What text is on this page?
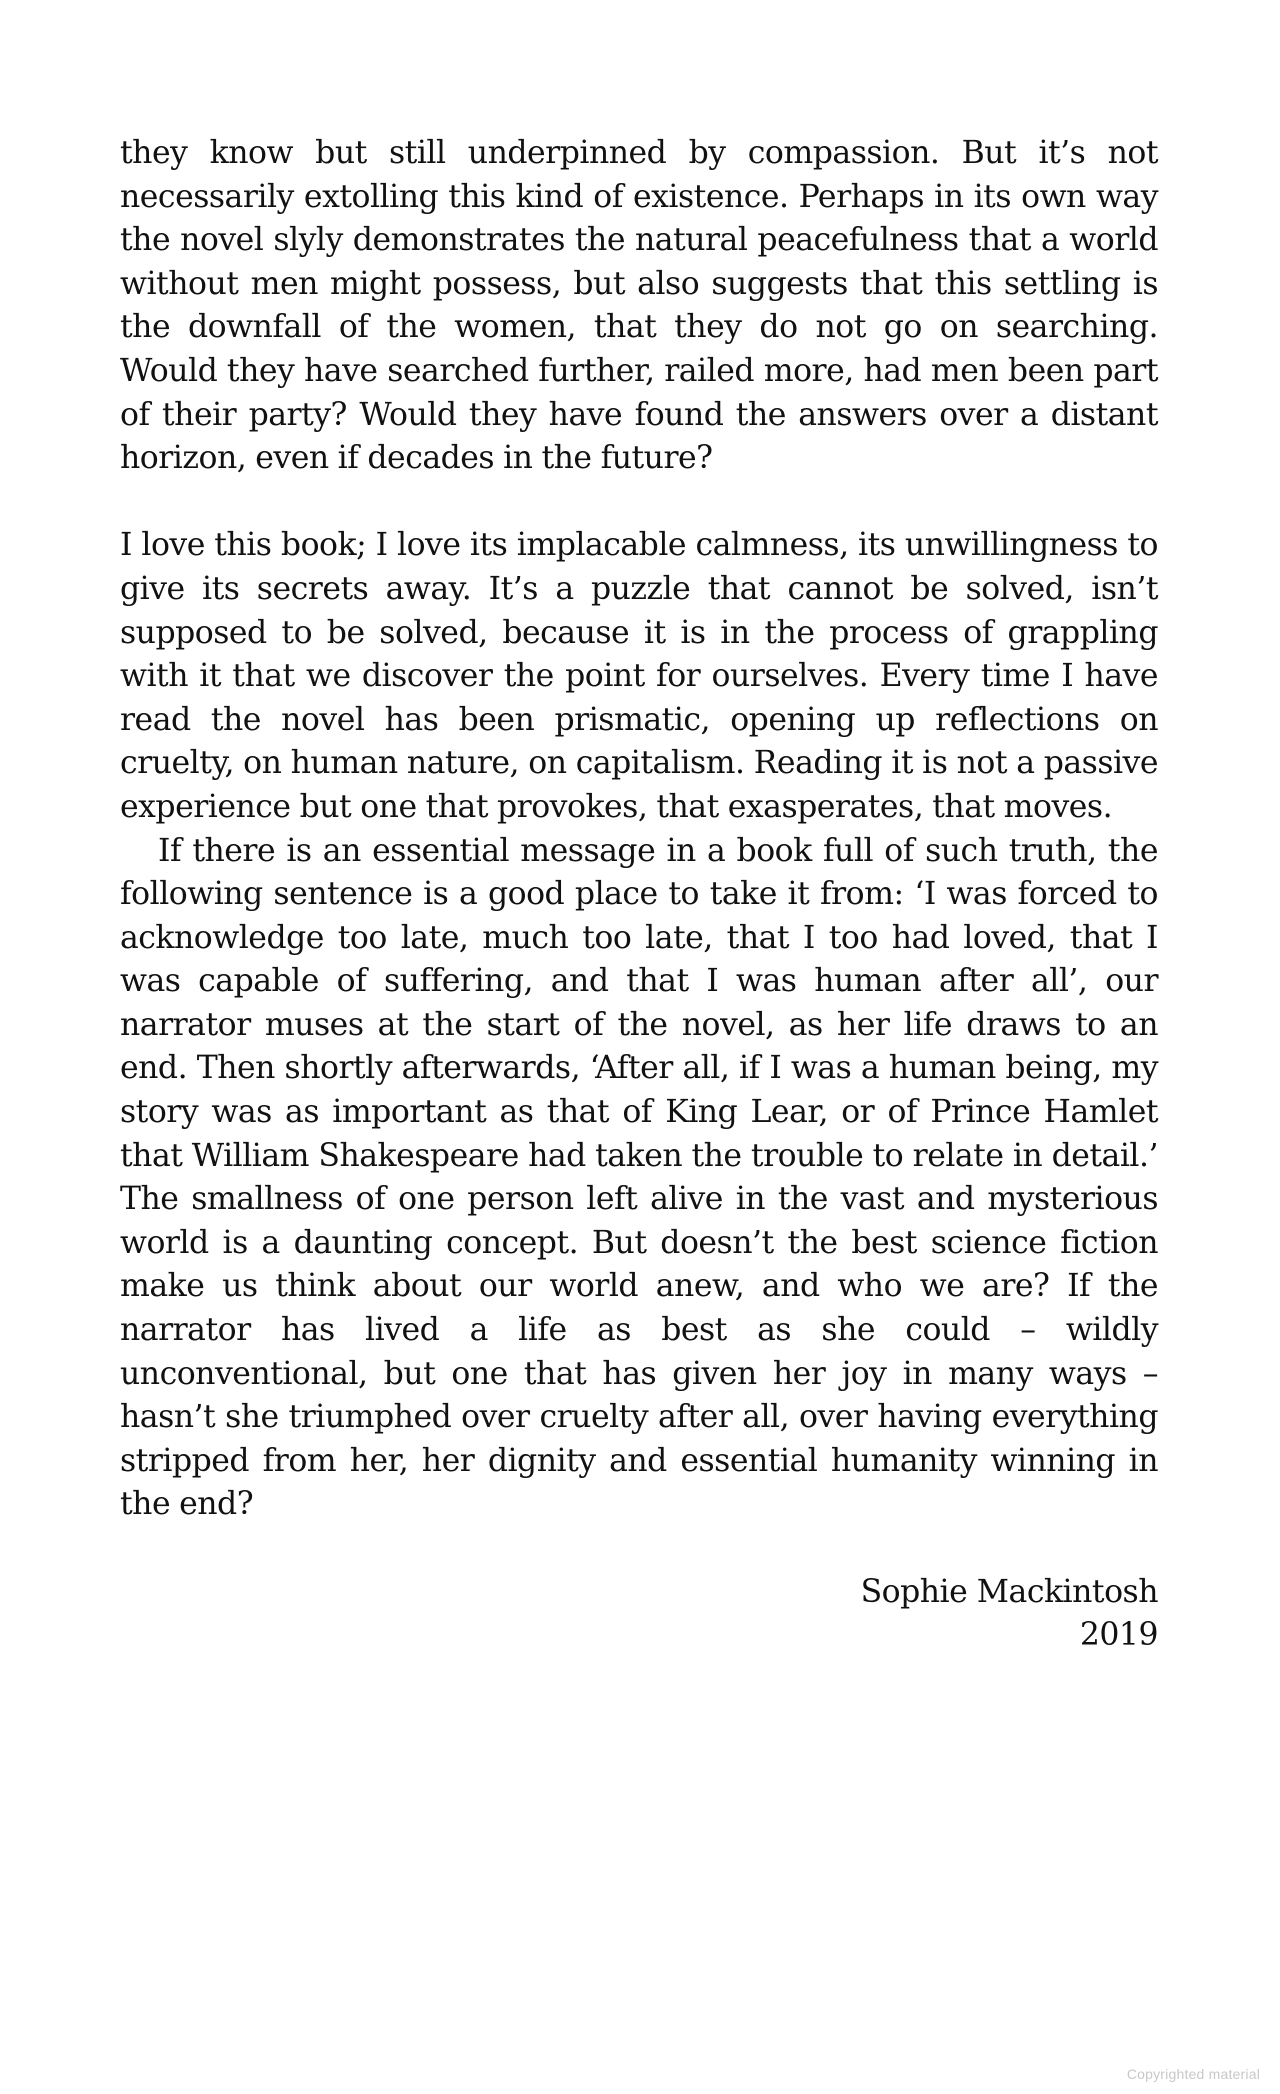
they know but still underpinned by compassion. But it’s not necessarily extolling this kind of existence. Perhaps in its own way the novel slyly demonstrates the natural peacefulness that a world without men might possess, but also suggests that this settling is the downfall of the women, that they do not go on searching. Would they have searched further, railed more, had men been part of their party? Would they have found the answers over a distant horizon, even if decades in the future?

I love this book; I love its implacable calmness, its unwillingness to give its secrets away. It’s a puzzle that cannot be solved, isn’t supposed to be solved, because it is in the process of grappling with it that we discover the point for ourselves. Every time I have read the novel has been prismatic, opening up reflections on cruelty, on human nature, on capitalism. Reading it is not a passive experience but one that provokes, that exasperates, that moves.

If there is an essential message in a book full of such truth, the following sentence is a good place to take it from: ‘I was forced to acknowledge too late, much too late, that I too had loved, that I was capable of suffering, and that I was human after all’, our narrator muses at the start of the novel, as her life draws to an end. Then shortly afterwards, ‘After all, if I was a human being, my story was as important as that of King Lear, or of Prince Hamlet that William Shakespeare had taken the trouble to relate in detail.’ The smallness of one person left alive in the vast and mysterious world is a daunting concept. But doesn’t the best science fiction make us think about our world anew, and who we are? If the narrator has lived a life as best as she could – wildly unconventional, but one that has given her joy in many ways – hasn’t she triumphed over cruelty after all, over having everything stripped from her, her dignity and essential humanity winning in the end?

Sophie Mackintosh
2019
Copyrighted material
